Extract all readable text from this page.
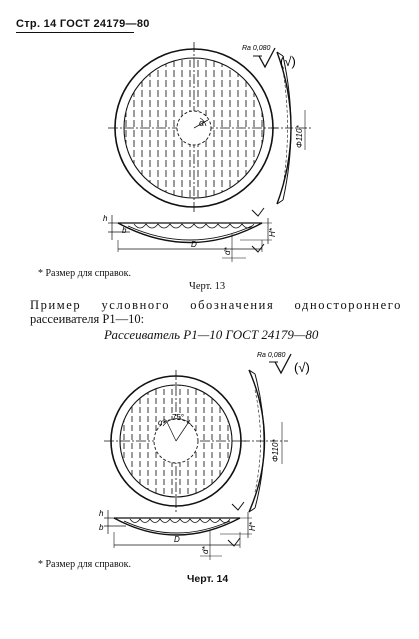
Стр. 14 ГОСТ 24179—80
α
Φ110*
Ra 0,080
(√)
h
b
D
H*
d*
* Размер для справок.
Черт. 13
Пример условного обозначения одностороннего
рассеивателя Р1—10:
Рассеиватель Р1—10 ГОСТ 24179—80
α°
75°
Φ110*
Ra 0,080
(√)
h
b
D
H*
d*
* Размер для справок.
Черт. 14
